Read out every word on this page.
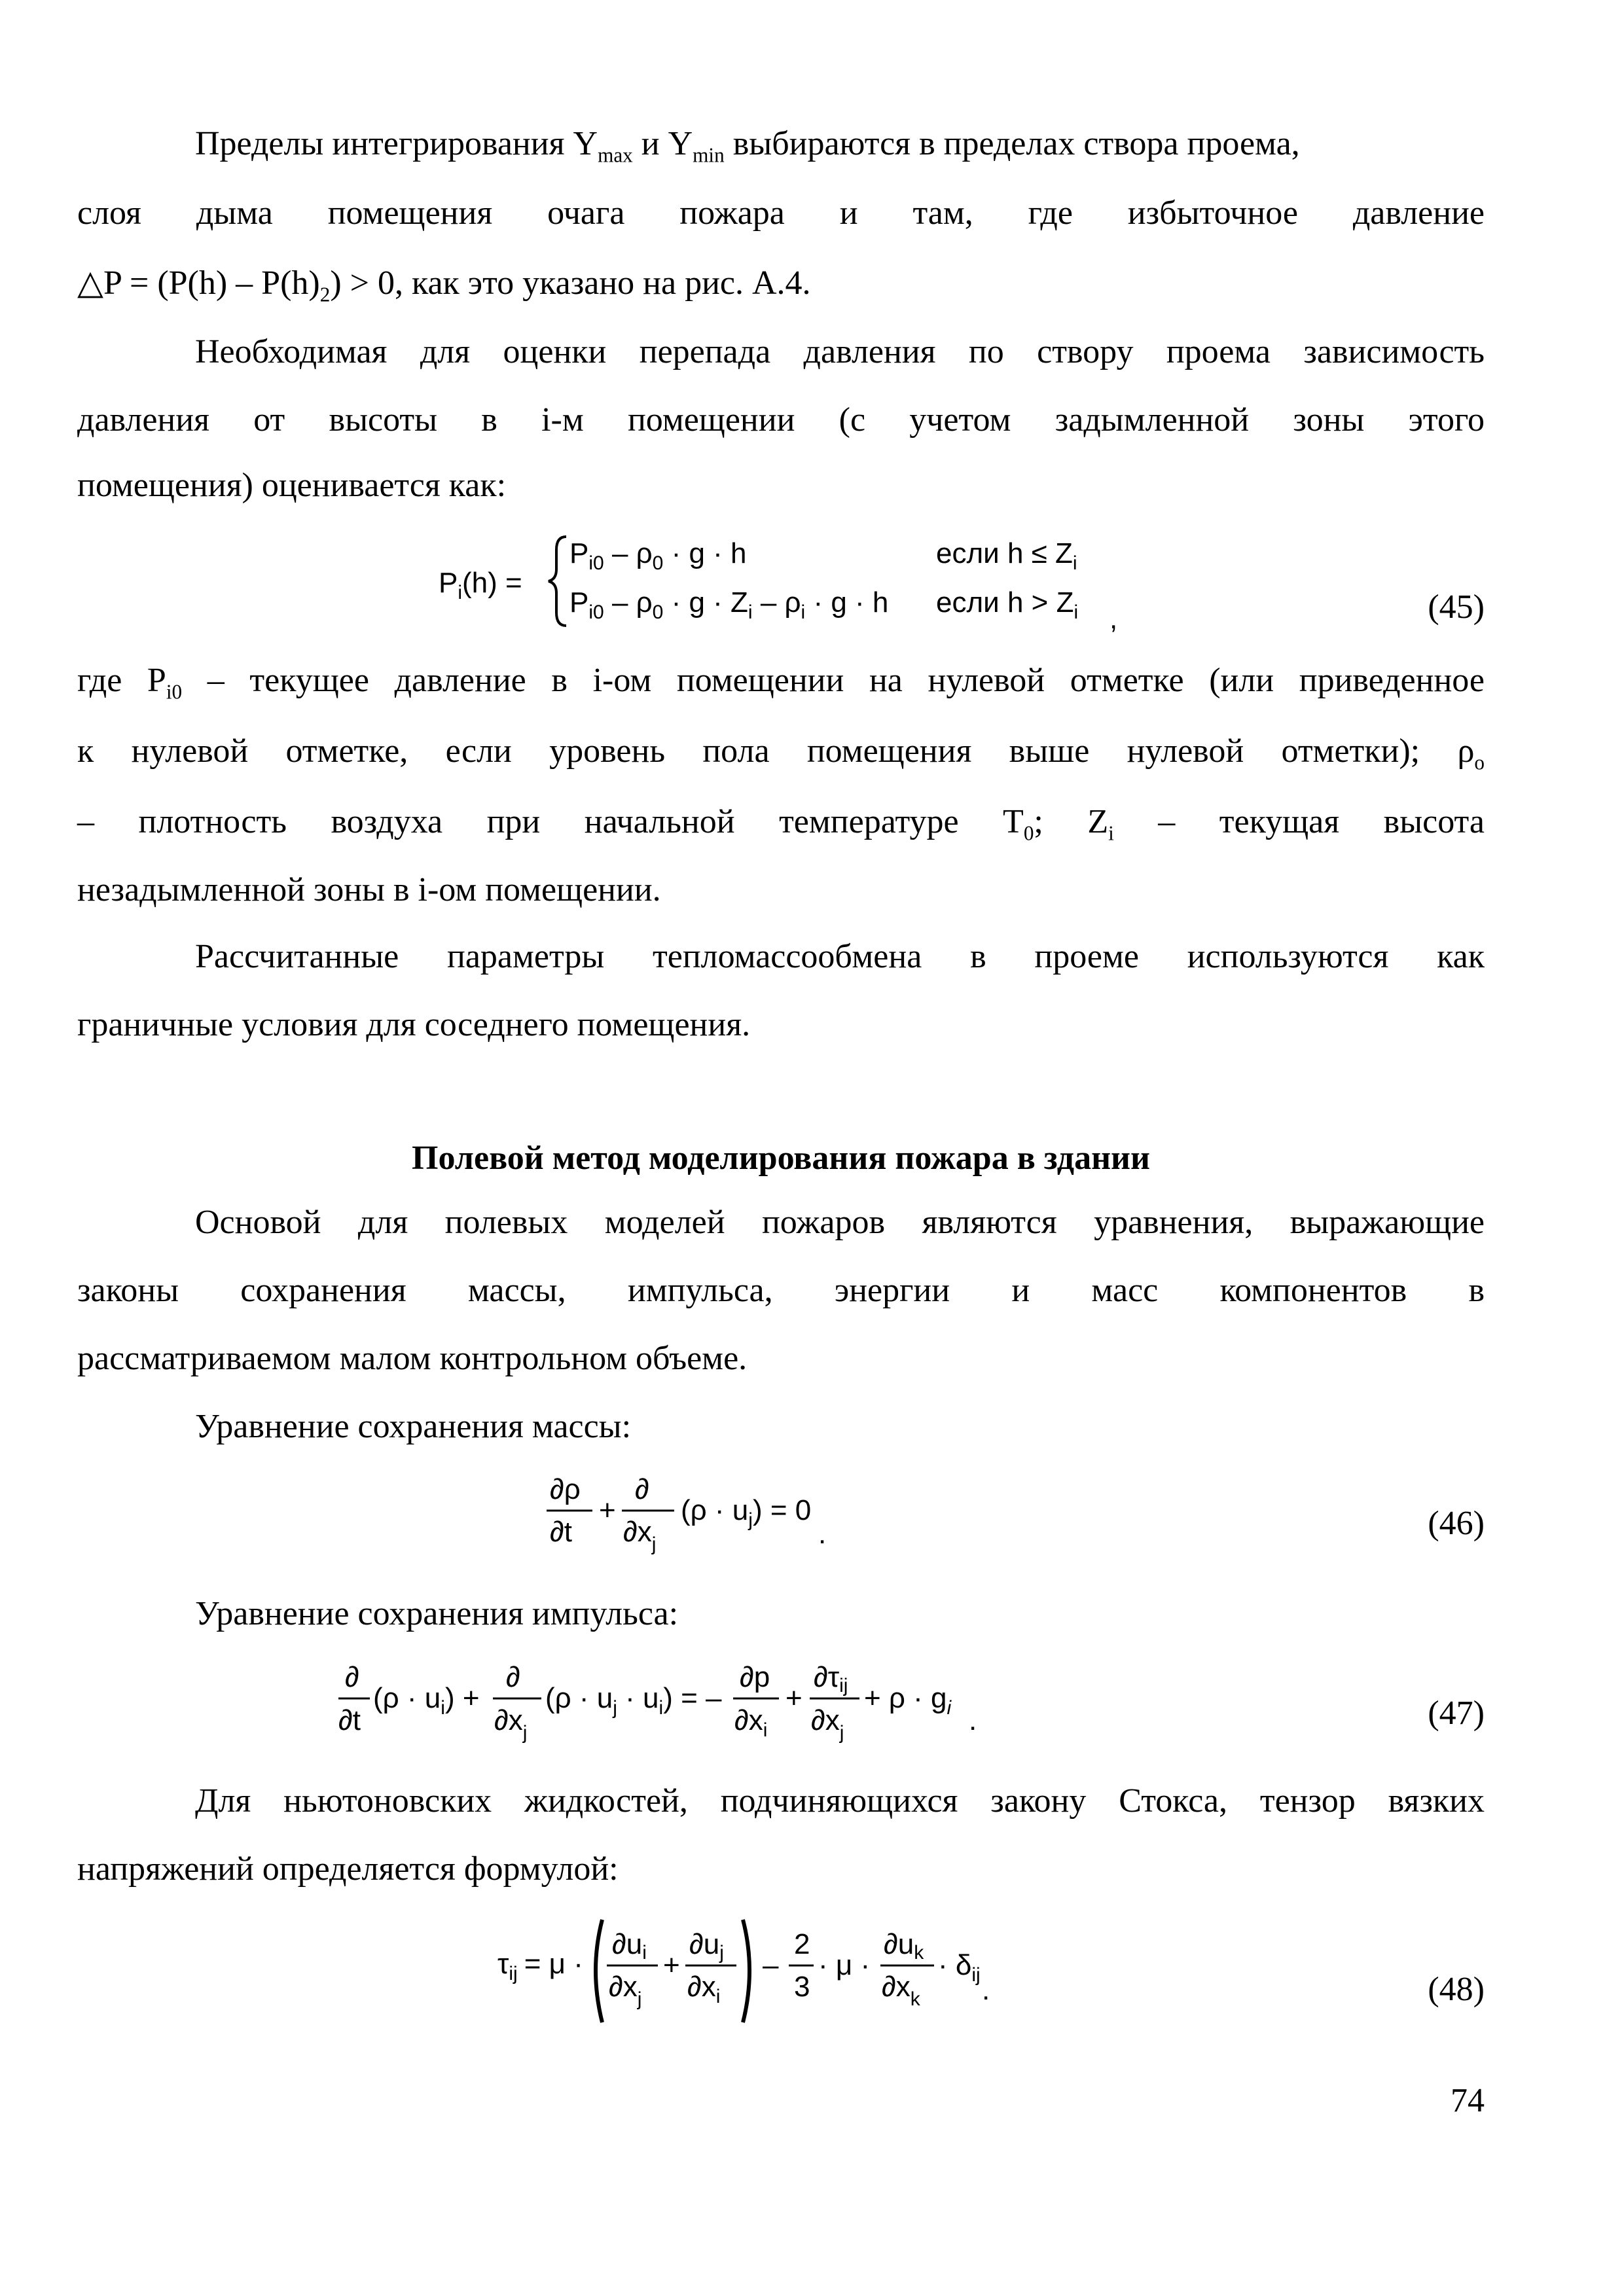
Пределы интегрирования $Y_{max}$ и $Y_{min}$ выбираются в пределах створа проема,

слоя дыма помещения очага пожара и там, где избыточное давление

△P = $(P(h) - P(h)_2) > 0$, как это указано на рис. А.4.

Необходимая для оценки перепада давления по створу проема зависимость

давления от высоты в i-м помещении (с учетом задымленной зоны этого

помещения) оценивается как:

$P_i(h)$ =
$P_{i0} - \rho_0 \cdot g \cdot h$	если $h \le Z_i$
$P_{i0} - \rho_0 \cdot g \cdot Z_i - \rho_i \cdot g \cdot h$ если $h > Z_i$ ,	(45)

где $P_{i0}$ – текущее давление в i-ом помещении на нулевой отметке (или приведенное

к нулевой отметке, если уровень пола помещения выше нулевой отметки); $\rho_o$

– плотность воздуха при начальной температуре $T_0$; $Z_i$ – текущая высота

незадымленной зоны в i-ом помещении.

Рассчитанные параметры тепломассообмена в проеме используются как

граничные условия для соседнего помещения.

Полевой метод моделирования пожара в здании

Основой для полевых моделей пожаров являются уравнения, выражающие

законы сохранения массы, импульса, энергии и масс компонентов в

рассматриваемом малом контрольном объеме.

Уравнение сохранения массы:

∂ρ
∂t
+
∂
$\partial x_j$
$(\rho \cdot u_j) = 0$
.	(46)

Уравнение сохранения импульса:

∂
∂t
$(\rho \cdot u_i)$ +
∂
$\partial x_j$
$(\rho \cdot u_j \cdot u_i)$ = –
∂p
$\partial x_i$
+
∂τij
$\partial x_j$
+ $\rho \cdot g_i$ .	(47)

Для ньютоновских жидкостей, подчиняющихся закону Стокса, тензор вязких

напряжений определяется формулой:

$\tau_{ij} = \mu$ ·
∂ui
$\partial x_j$
+
∂uj
$\partial x_i$
–
2
3
· μ ·
∂uk
$\partial x_k$
· $\delta_{ij}$ .	(48)
74
